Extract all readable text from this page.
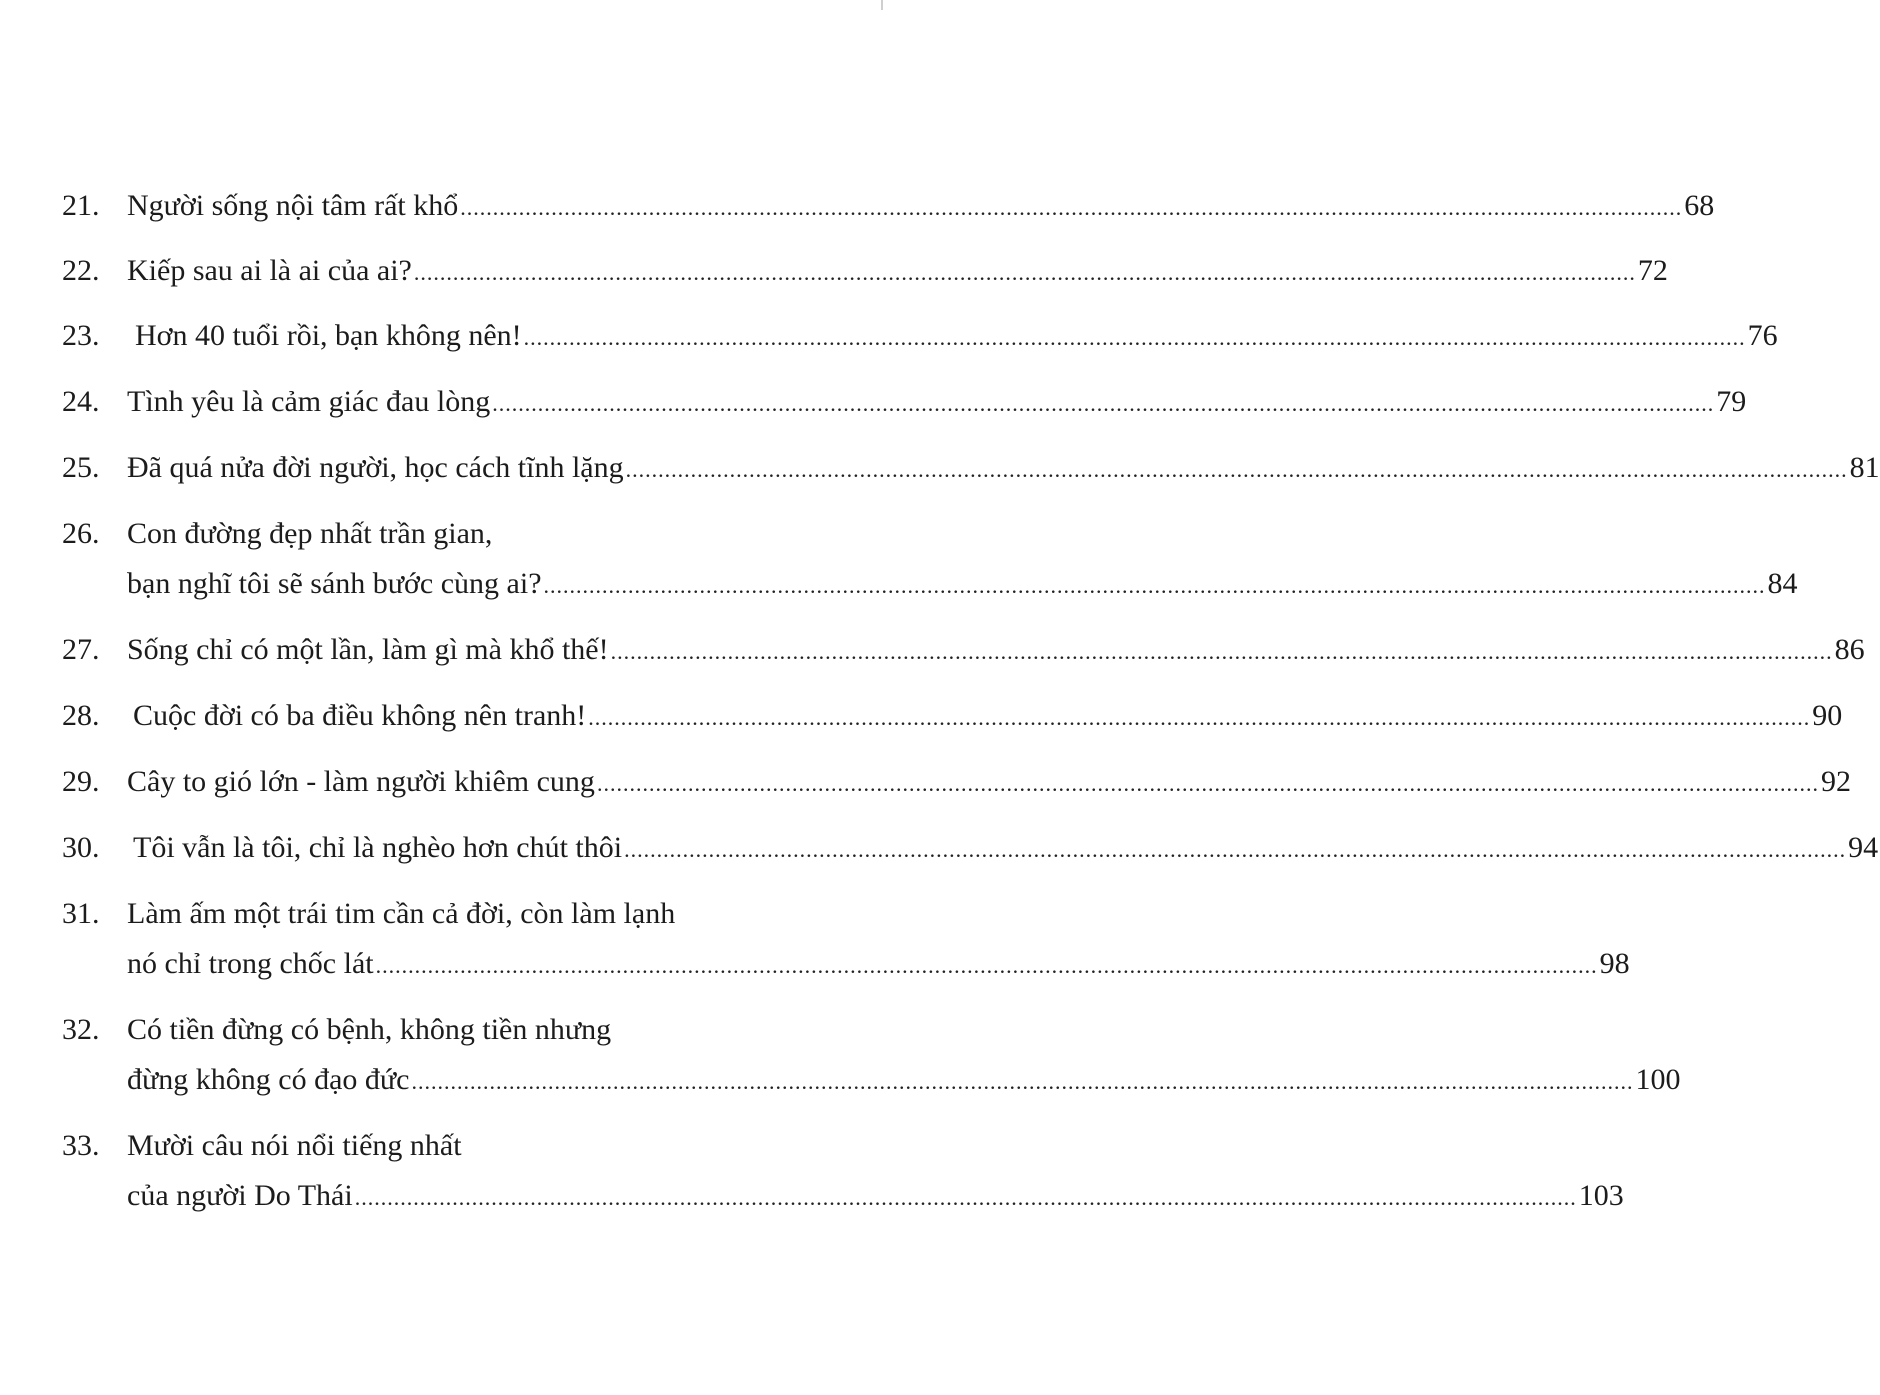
21. Người sống nội tâm rất khổ ............................................................................................................................................................................................ 68
22. Kiếp sau ai là ai của ai? ............................................................................................................................................................................................ 72
23.	Hơn 40 tuổi rồi, bạn không nên! ............................................................................................................................................................................................ 76
24. Tình yêu là cảm giác đau lòng ............................................................................................................................................................................................ 79
25. Đã quá nửa đời người, học cách tĩnh lặng ............................................................................................................................................................................................ 81
26. Con đường đẹp nhất trần gian,
bạn nghĩ tôi sẽ sánh bước cùng ai? ............................................................................................................................................................................................ 84
27. Sống chỉ có một lần, làm gì mà khổ thế! ............................................................................................................................................................................................ 86
28.	Cuộc đời có ba điều không nên tranh! ............................................................................................................................................................................................ 90
29. Cây to gió lớn - làm người khiêm cung ............................................................................................................................................................................................ 92
30.	Tôi vẫn là tôi, chỉ là nghèo hơn chút thôi ............................................................................................................................................................................................ 94
31. Làm ấm một trái tim cần cả đời, còn làm lạnh
nó chỉ trong chốc lát ............................................................................................................................................................................................ 98
32. Có tiền đừng có bệnh, không tiền nhưng
đừng không có đạo đức ............................................................................................................................................................................................ 100
33. Mười câu nói nổi tiếng nhất
của người Do Thái ............................................................................................................................................................................................ 103
